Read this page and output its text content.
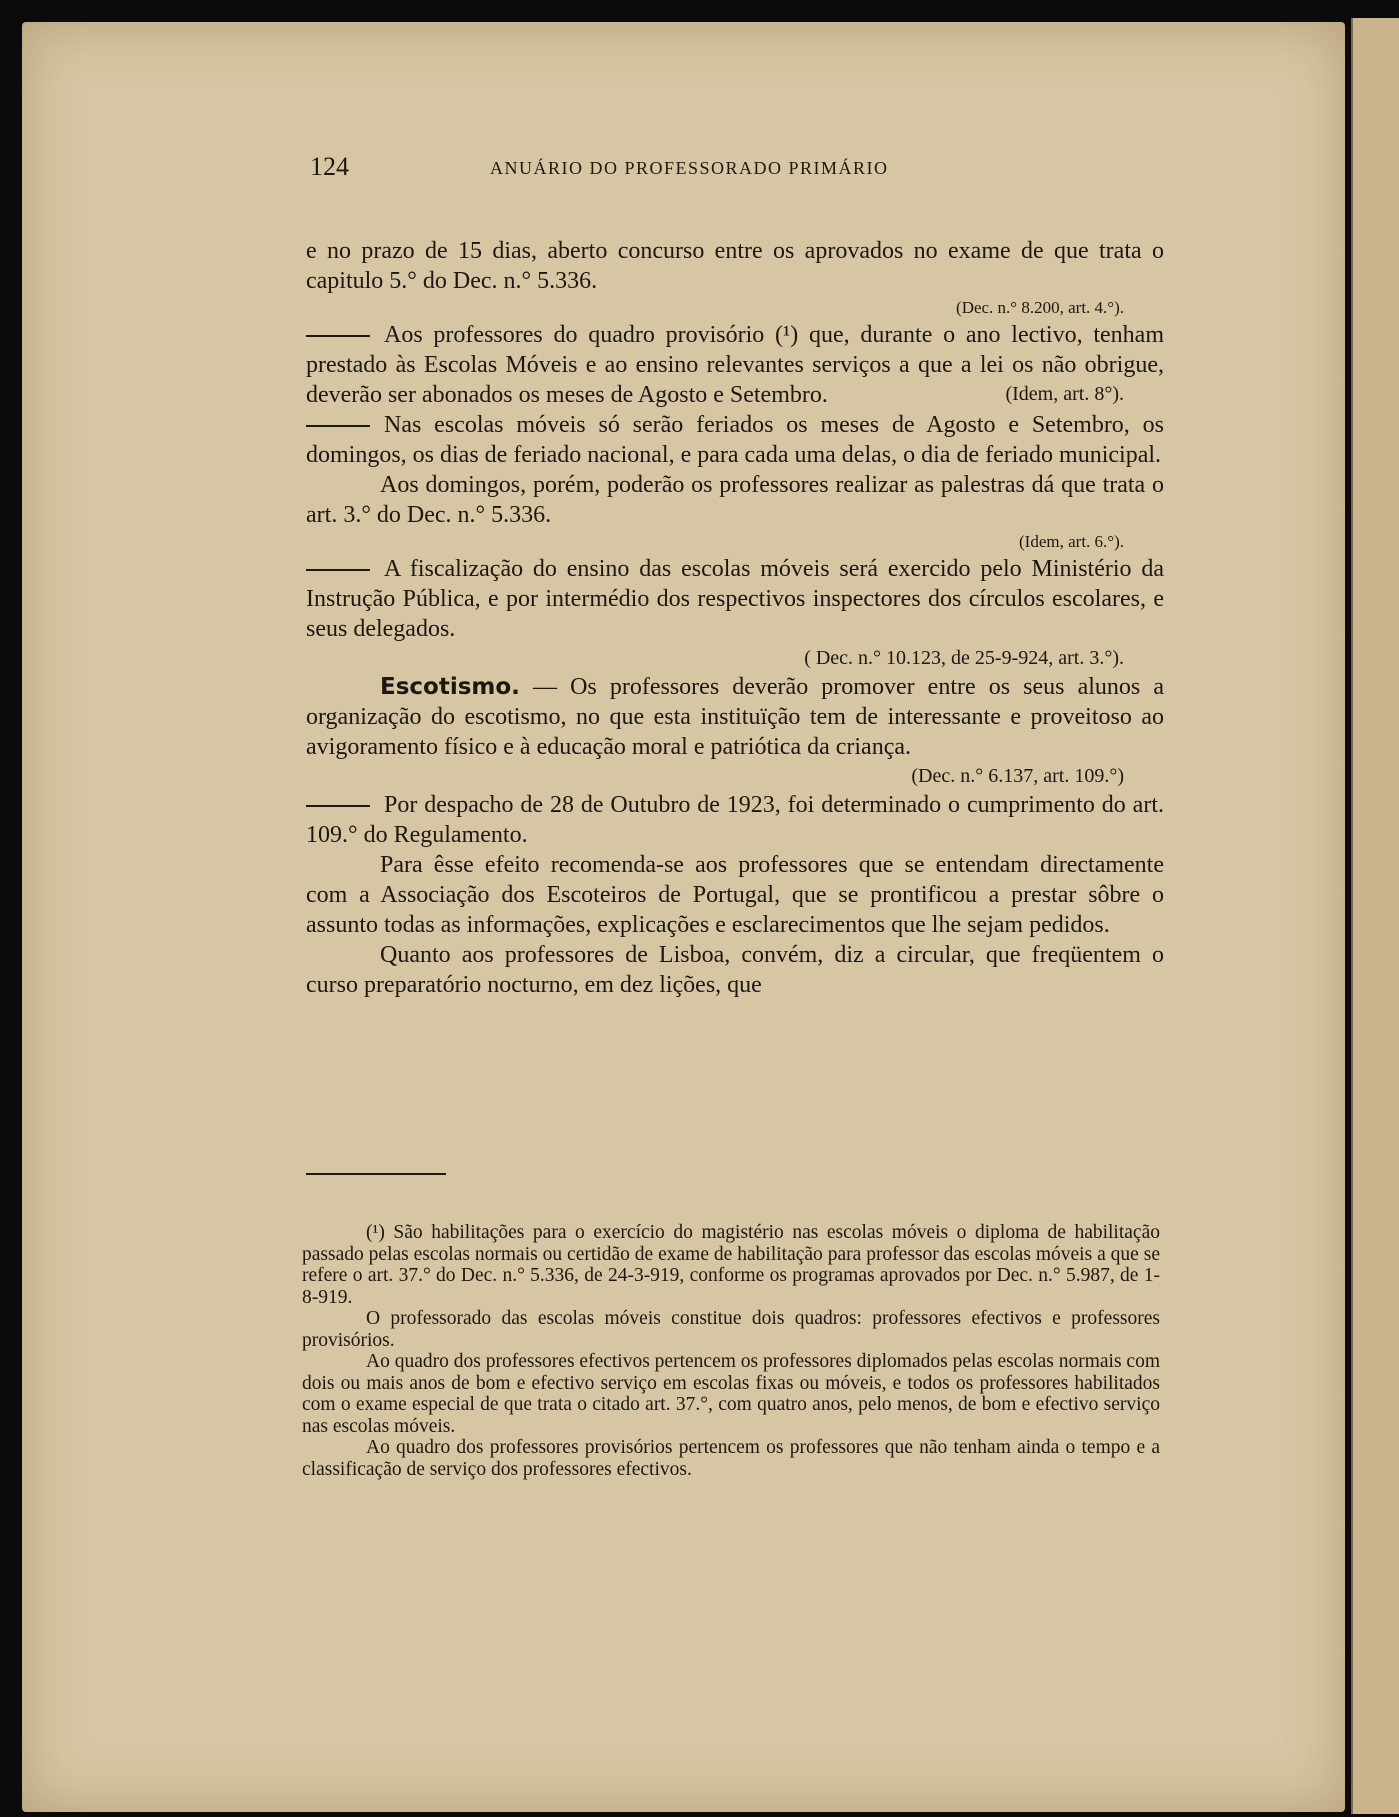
124	ANUÁRIO DO PROFESSORADO PRIMÁRIO

e no prazo de 15 dias, aberto concurso entre os aprovados no exame de que trata o capitulo 5.° do Dec. n.° 5.336.

(Dec. n.° 8.200, art. 4.°).

Aos professores do quadro provisório (¹) que, durante o ano lectivo, tenham prestado às Escolas Móveis e ao ensino relevantes serviços a que a lei os não obrigue, deverão ser abonados os meses de Agosto e Setembro.	(Idem, art. 8°).

Nas escolas móveis só serão feriados os meses de Agosto e Setembro, os domingos, os dias de feriado nacional, e para cada uma delas, o dia de feriado municipal.

Aos domingos, porém, poderão os professores realizar as palestras dá que trata o art. 3.° do Dec. n.° 5.336.

(Idem, art. 6.°).

A fiscalização do ensino das escolas móveis será exercido pelo Ministério da Instrução Pública, e por intermédio dos respectivos inspectores dos círculos escolares, e seus delegados.

( Dec. n.° 10.123, de 25-9-924, art. 3.°).

Escotismo. — Os professores deverão promover entre os seus alunos a organização do escotismo, no que esta instituïção tem de interessante e proveitoso ao avigoramento físico e à educação moral e patriótica da criança.

(Dec. n.° 6.137, art. 109.°)

Por despacho de 28 de Outubro de 1923, foi determinado o cumprimento do art. 109.° do Regulamento.

Para êsse efeito recomenda-se aos professores que se entendam directamente com a Associação dos Escoteiros de Portugal, que se prontificou a prestar sôbre o assunto todas as informações, explicações e esclarecimentos que lhe sejam pedidos.

Quanto aos professores de Lisboa, convém, diz a circular, que freqüentem o curso preparatório nocturno, em dez lições, que

(¹) São habilitações para o exercício do magistério nas escolas móveis o diploma de habilitação passado pelas escolas normais ou certidão de exame de habilitação para professor das escolas móveis a que se refere o art. 37.° do Dec. n.° 5.336, de 24-3-919, conforme os programas aprovados por Dec. n.° 5.987, de 1-8-919.

O professorado das escolas móveis constitue dois quadros: professores efectivos e professores provisórios.

Ao quadro dos professores efectivos pertencem os professores diplomados pelas escolas normais com dois ou mais anos de bom e efectivo serviço em escolas fixas ou móveis, e todos os professores habilitados com o exame especial de que trata o citado art. 37.°, com quatro anos, pelo menos, de bom e efectivo serviço nas escolas móveis.

Ao quadro dos professores provisórios pertencem os professores que não tenham ainda o tempo e a classificação de serviço dos professores efectivos.
